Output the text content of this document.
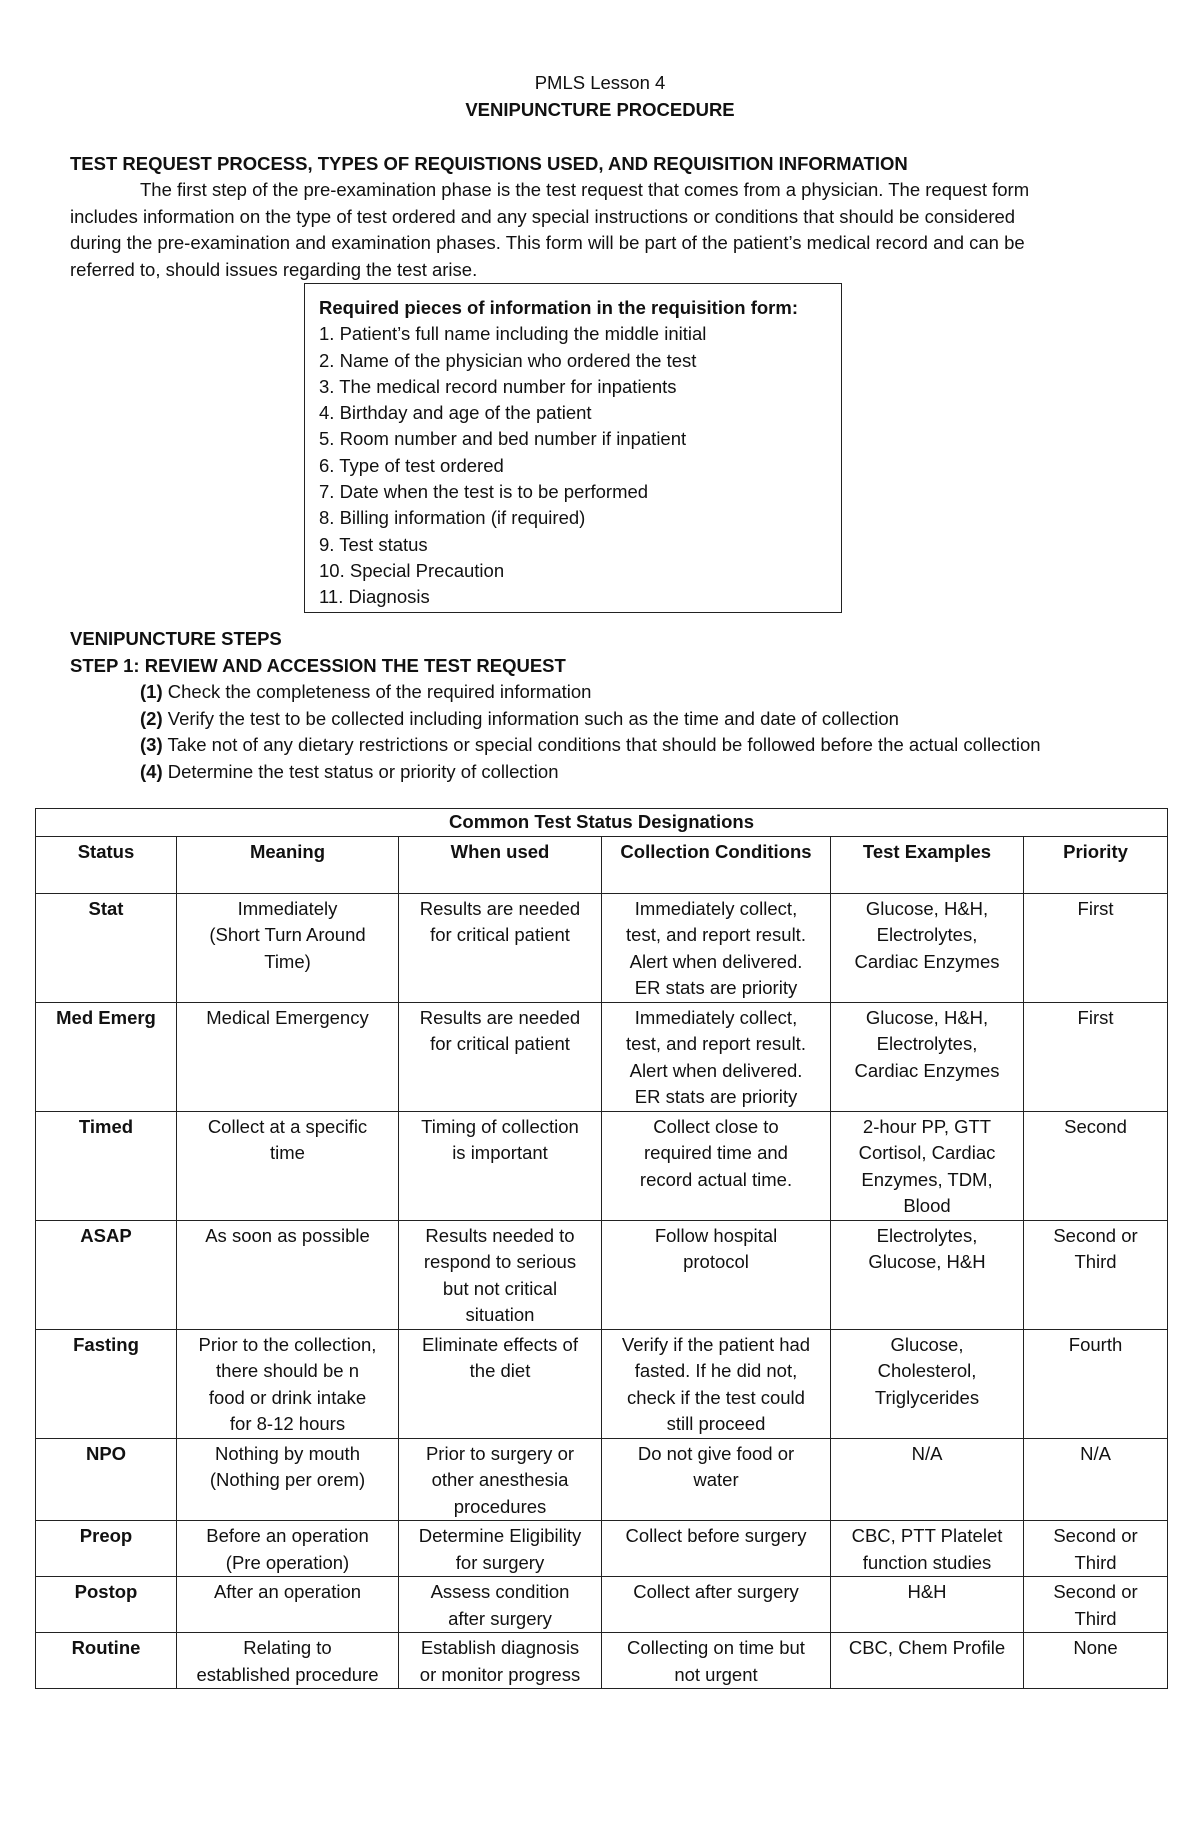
PMLS Lesson 4
VENIPUNCTURE PROCEDURE
TEST REQUEST PROCESS, TYPES OF REQUISTIONS USED, AND REQUISITION INFORMATION
The first step of the pre-examination phase is the test request that comes from a physician. The request form
includes information on the type of test ordered and any special instructions or conditions that should be considered
during the pre-examination and examination phases. This form will be part of the patient’s medical record and can be
referred to, should issues regarding the test arise.
Required pieces of information in the requisition form:
1. Patient’s full name including the middle initial
2. Name of the physician who ordered the test
3. The medical record number for inpatients
4. Birthday and age of the patient
5. Room number and bed number if inpatient
6. Type of test ordered
7. Date when the test is to be performed
8. Billing information (if required)
9. Test status
10. Special Precaution
11. Diagnosis
VENIPUNCTURE STEPS
STEP 1: REVIEW AND ACCESSION THE TEST REQUEST
(1) Check the completeness of the required information
(2) Verify the test to be collected including information such as the time and date of collection
(3) Take not of any dietary restrictions or special conditions that should be followed before the actual collection
(4) Determine the test status or priority of collection
Common Test Status Designations					
Status	Meaning	When used	Collection Conditions	Test Examples	Priority
Stat	Immediately
(Short Turn Around
Time)	Results are needed
for critical patient	Immediately collect,
test, and report result.
Alert when delivered.
ER stats are priority	Glucose, H&H,
Electrolytes,
Cardiac Enzymes	First
Med Emerg	Medical Emergency	Results are needed
for critical patient	Immediately collect,
test, and report result.
Alert when delivered.
ER stats are priority	Glucose, H&H,
Electrolytes,
Cardiac Enzymes	First
Timed	Collect at a specific
time	Timing of collection
is important	Collect close to
required time and
record actual time.	2-hour PP, GTT
Cortisol, Cardiac
Enzymes, TDM,
Blood	Second
ASAP	As soon as possible	Results needed to
respond to serious
but not critical
situation	Follow hospital
protocol	Electrolytes,
Glucose, H&H	Second or
Third
Fasting	Prior to the collection,
there should be n
food or drink intake
for 8-12 hours	Eliminate effects of
the diet	Verify if the patient had
fasted. If he did not,
check if the test could
still proceed	Glucose,
Cholesterol,
Triglycerides	Fourth
NPO	Nothing by mouth
(Nothing per orem)	Prior to surgery or
other anesthesia
procedures	Do not give food or
water	N/A	N/A
Preop	Before an operation
(Pre operation)	Determine Eligibility
for surgery	Collect before surgery	CBC, PTT Platelet
function studies	Second or
Third
Postop	After an operation	Assess condition
after surgery	Collect after surgery	H&H	Second or
Third
Routine	Relating to
established procedure	Establish diagnosis
or monitor progress	Collecting on time but
not urgent	CBC, Chem Profile	None
